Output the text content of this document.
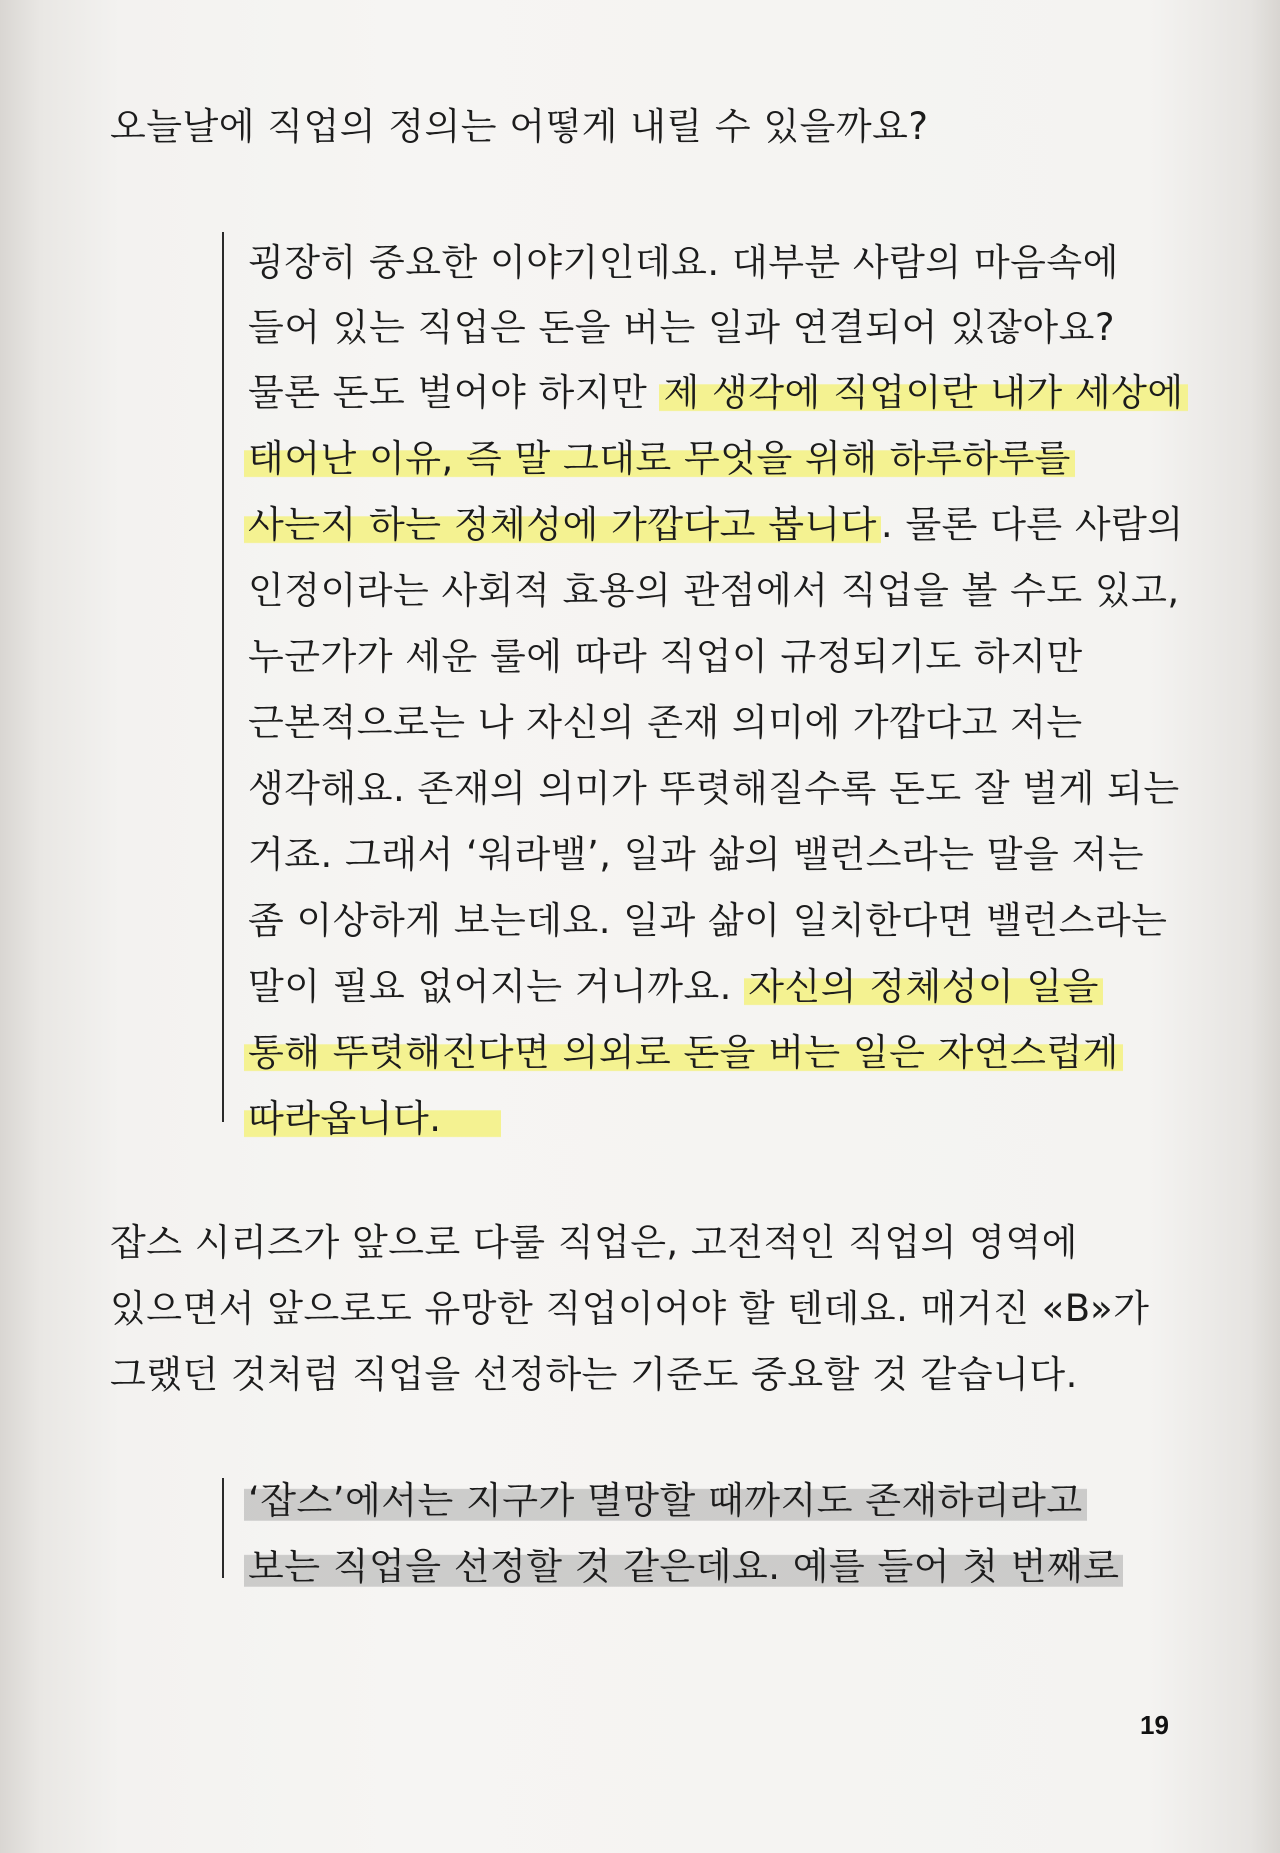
오늘날에 직업의 정의는 어떻게 내릴 수 있을까요?
굉장히 중요한 이야기인데요. 대부분 사람의 마음속에
들어 있는 직업은 돈을 버는 일과 연결되어 있잖아요?
물론 돈도 벌어야 하지만 제 생각에 직업이란 내가 세상에
태어난 이유, 즉 말 그대로 무엇을 위해 하루하루를
사는지 하는 정체성에 가깝다고 봅니다 . 물론 다른 사람의
인정이라는 사회적 효용의 관점에서 직업을 볼 수도 있고,
누군가가 세운 룰에 따라 직업이 규정되기도 하지만
근본적으로는 나 자신의 존재 의미에 가깝다고 저는
생각해요. 존재의 의미가 뚜렷해질수록 돈도 잘 벌게 되는
거죠. 그래서 ‘워라밸’, 일과 삶의 밸런스라는 말을 저는
좀 이상하게 보는데요. 일과 삶이 일치한다면 밸런스라는
말이 필요 없어지는 거니까요. 자신의 정체성이 일을
통해 뚜렷해진다면 의외로 돈을 버는 일은 자연스럽게
따라옵니다.
잡스 시리즈가 앞으로 다룰 직업은, 고전적인 직업의 영역에
있으면서 앞으로도 유망한 직업이어야 할 텐데요. 매거진 «B»가
그랬던 것처럼 직업을 선정하는 기준도 중요할 것 같습니다.
‘잡스’에서는 지구가 멸망할 때까지도 존재하리라고
보는 직업을 선정할 것 같은데요. 예를 들어 첫 번째로
19
